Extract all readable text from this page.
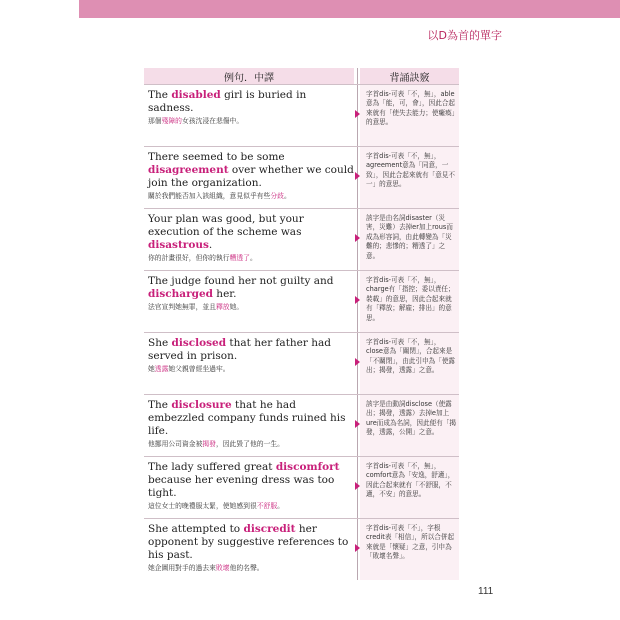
以D為首的單字
例句．中譯	背誦訣竅
The disabled girl is buried in sadness.
那個殘障的女孩沈浸在悲傷中。
字首dis-可表「不，無」，able意為「能，可，會」，因此合起來就有「使失去能力；使癱瘓」的意思。
There seemed to be some disagreement over whether we could join the organization.
關於我們能否加入該組織，意見似乎有些分歧。
字首dis-可表「不，無」，agreement意為「同意，一致」，因此合起來就有「意見不一」的意思。
Your plan was good, but your execution of the scheme was disastrous.
你的計畫很好，但你的執行糟透了。
該字是由名詞disaster（災害，災難）去掉er加上rous而成為形容詞，由此轉變為「災難的；悲慘的；糟透了」之意。
The judge found her not guilty and discharged her.
法官宣判她無罪，並且釋放她。
字首dis-可表「不，無」，charge有「指控；委以責任；裝載」的意思，因此合起來就有「釋放；解雇；排出」的意思。
She disclosed that her father had served in prison.
她透露她父親曾經坐過牢。
字首dis-可表「不，無」，close意為「關閉」，合起來是「不關閉」，由此引申為「使露出；揭發，透露」之意。
The disclosure that he had embezzled company funds ruined his life.
他挪用公司資金被揭發，因此毀了他的一生。
該字是由動詞disclose（使露出；揭發，透露）去掉e加上ure而成為名詞，因此便有「揭發，透露，公開」之意。
The lady suffered great discomfort because her evening dress was too tight.
這位女士的晚禮服太緊，使她感到很不舒服。
字首dis-可表「不，無」，comfort意為「安逸，舒適」，因此合起來就有「不舒服，不適，不安」的意思。
She attempted to discredit her opponent by suggestive references to his past.
她企圖用對手的過去來敗壞他的名聲。
字首dis-可表「不」，字根credit表「相信」，所以合併起來就是「懷疑」之意，引申為「敗壞名聲」。
111
